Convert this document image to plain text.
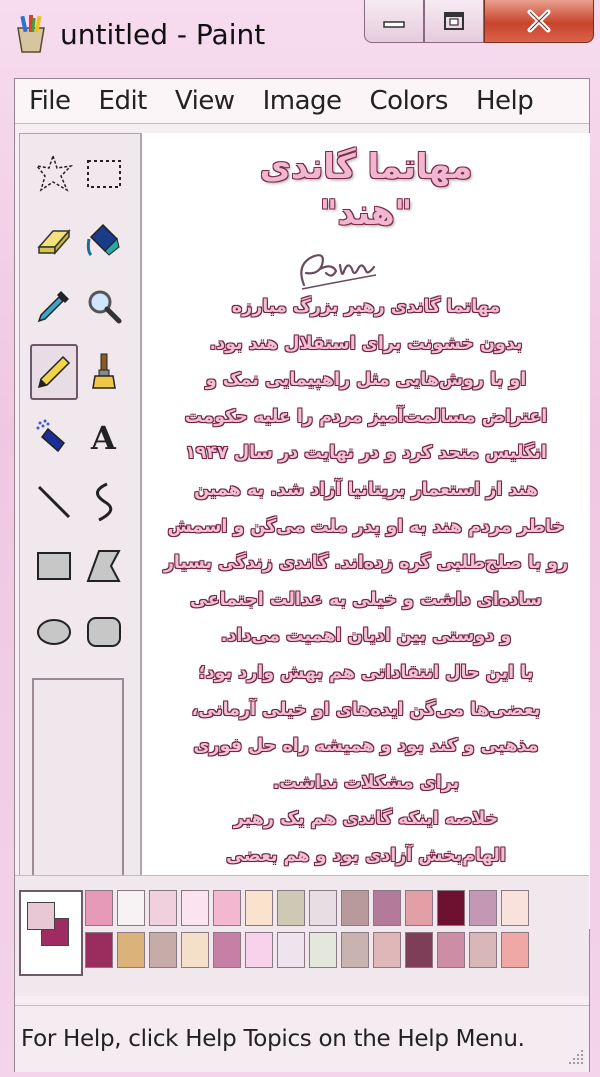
untitled - Paint
File	Edit	View	Image	Colors	Help
A
مهاتما گاندی
"هند"
مهاتما گاندی رهبر بزرگ مبارزه
بدون خشونت برای استقلال هند بود.
او با روش‌هایی مثل راهپیمایی نمک و
اعتراض مسالمت‌آمیز مردم را علیه حکومت
انگلیس متحد کرد و در نهایت در سال ۱۹۴۷
هند از استعمار بریتانیا آزاد شد. به همین
خاطر مردم هند به او پدر ملت می‌گن و اسمش
رو با صلح‌طلبی گره زده‌اند. گاندی زندگی بسیار
ساده‌ای داشت و خیلی به عدالت اجتماعی
و دوستی بین ادیان اهمیت می‌داد.
با این حال انتقاداتی هم بهش وارد بود؛
بعضی‌ها می‌گن ایده‌های او خیلی آرمانی،
مذهبی و کند بود و همیشه راه حل فوری
برای مشکلات نداشت.
خلاصه اینکه گاندی هم یک رهبر
الهام‌بخش آزادی بود و هم بعضی
For Help, click Help Topics on the Help Menu.
